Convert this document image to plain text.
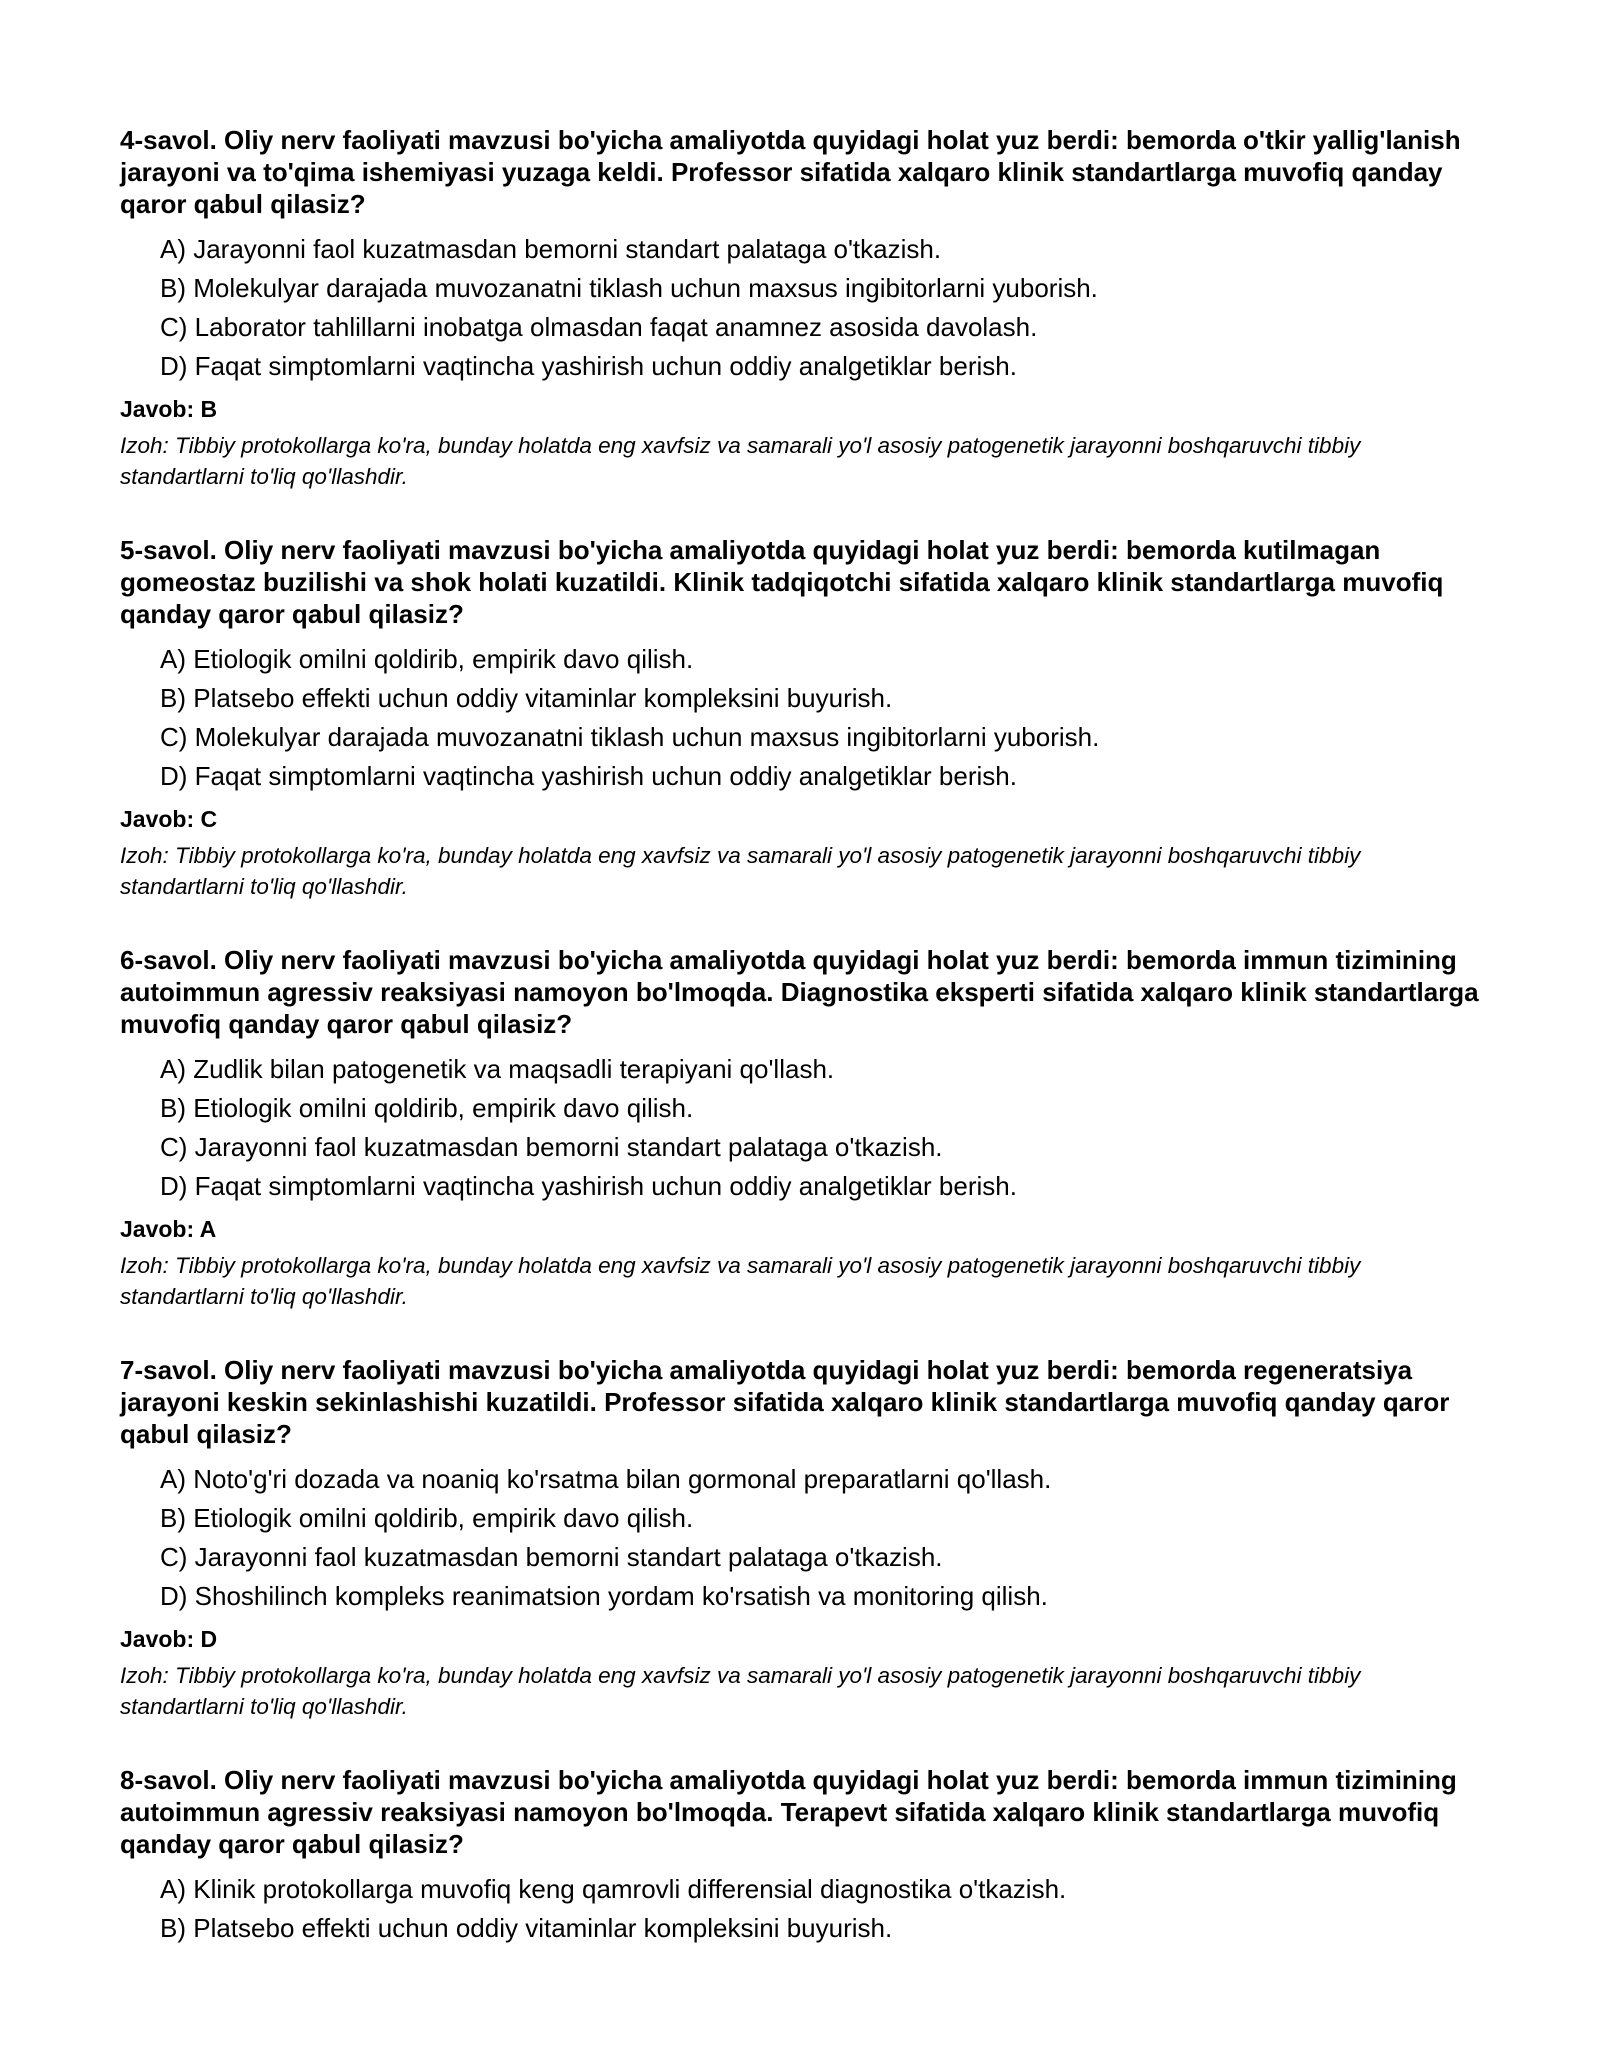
4-savol. Oliy nerv faoliyati mavzusi bo'yicha amaliyotda quyidagi holat yuz berdi: bemorda o'tkir yallig'lanish jarayoni va to'qima ishemiyasi yuzaga keldi. Professor sifatida xalqaro klinik standartlarga muvofiq qanday qaror qabul qilasiz?

A) Jarayonni faol kuzatmasdan bemorni standart palataga o'tkazish.
B) Molekulyar darajada muvozanatni tiklash uchun maxsus ingibitorlarni yuborish.
C) Laborator tahlillarni inobatga olmasdan faqat anamnez asosida davolash.
D) Faqat simptomlarni vaqtincha yashirish uchun oddiy analgetiklar berish.

Javob: B

Izoh: Tibbiy protokollarga ko'ra, bunday holatda eng xavfsiz va samarali yo'l asosiy patogenetik jarayonni boshqaruvchi tibbiy standartlarni to'liq qo'llashdir.

5-savol. Oliy nerv faoliyati mavzusi bo'yicha amaliyotda quyidagi holat yuz berdi: bemorda kutilmagan gomeostaz buzilishi va shok holati kuzatildi. Klinik tadqiqotchi sifatida xalqaro klinik standartlarga muvofiq qanday qaror qabul qilasiz?

A) Etiologik omilni qoldirib, empirik davo qilish.
B) Platsebo effekti uchun oddiy vitaminlar kompleksini buyurish.
C) Molekulyar darajada muvozanatni tiklash uchun maxsus ingibitorlarni yuborish.
D) Faqat simptomlarni vaqtincha yashirish uchun oddiy analgetiklar berish.

Javob: C

Izoh: Tibbiy protokollarga ko'ra, bunday holatda eng xavfsiz va samarali yo'l asosiy patogenetik jarayonni boshqaruvchi tibbiy standartlarni to'liq qo'llashdir.

6-savol. Oliy nerv faoliyati mavzusi bo'yicha amaliyotda quyidagi holat yuz berdi: bemorda immun tizimining autoimmun agressiv reaksiyasi namoyon bo'lmoqda. Diagnostika eksperti sifatida xalqaro klinik standartlarga muvofiq qanday qaror qabul qilasiz?

A) Zudlik bilan patogenetik va maqsadli terapiyani qo'llash.
B) Etiologik omilni qoldirib, empirik davo qilish.
C) Jarayonni faol kuzatmasdan bemorni standart palataga o'tkazish.
D) Faqat simptomlarni vaqtincha yashirish uchun oddiy analgetiklar berish.

Javob: A

Izoh: Tibbiy protokollarga ko'ra, bunday holatda eng xavfsiz va samarali yo'l asosiy patogenetik jarayonni boshqaruvchi tibbiy standartlarni to'liq qo'llashdir.

7-savol. Oliy nerv faoliyati mavzusi bo'yicha amaliyotda quyidagi holat yuz berdi: bemorda regeneratsiya jarayoni keskin sekinlashishi kuzatildi. Professor sifatida xalqaro klinik standartlarga muvofiq qanday qaror qabul qilasiz?

A) Noto'g'ri dozada va noaniq ko'rsatma bilan gormonal preparatlarni qo'llash.
B) Etiologik omilni qoldirib, empirik davo qilish.
C) Jarayonni faol kuzatmasdan bemorni standart palataga o'tkazish.
D) Shoshilinch kompleks reanimatsion yordam ko'rsatish va monitoring qilish.

Javob: D

Izoh: Tibbiy protokollarga ko'ra, bunday holatda eng xavfsiz va samarali yo'l asosiy patogenetik jarayonni boshqaruvchi tibbiy standartlarni to'liq qo'llashdir.

8-savol. Oliy nerv faoliyati mavzusi bo'yicha amaliyotda quyidagi holat yuz berdi: bemorda immun tizimining autoimmun agressiv reaksiyasi namoyon bo'lmoqda. Terapevt sifatida xalqaro klinik standartlarga muvofiq qanday qaror qabul qilasiz?

A) Klinik protokollarga muvofiq keng qamrovli differensial diagnostika o'tkazish.
B) Platsebo effekti uchun oddiy vitaminlar kompleksini buyurish.
